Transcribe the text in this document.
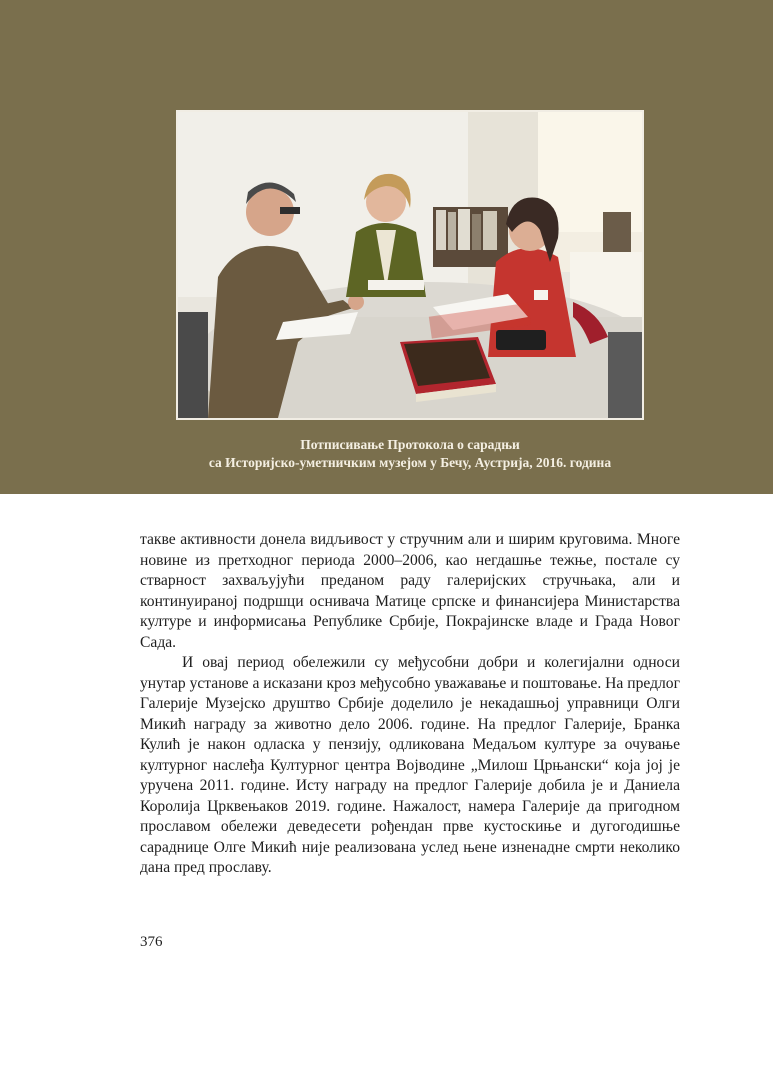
Потписивање Протокола о сарадњи
са Историјско-уметничким музејом у Бечу, Аустрија, 2016. година

такве активности донела видљивост у стручним али и ширим круговима. Многе новине из претходног периода 2000–2006, као негдашње тежње, постале су стварност захваљујући преданом раду галеријских стручњака, али и континуираној подршци оснивача Матице српске и финансијера Министарства културе и информисања Републике Србије, Покрајинске владе и Града Новог Сада.

И овај период обележили су међусобни добри и колегијални односи унутар установе а исказани кроз међусобно уважавање и поштовање. На предлог Галерије Музејско друштво Србије доделило је некадашњој управници Олги Микић награду за животно дело 2006. године. На предлог Галерије, Бранка Кулић је након одласка у пензију, одликована Медаљом културе за очување културног наслеђа Културног центра Војводине „Милош Црњански“ која јој је уручена 2011. године. Исту награду на предлог Галерије добила је и Даниела Королија Црквењаков 2019. године. Нажалост, намера Галерије да пригодном прославом обележи деведесети рођендан прве кустоскиње и дугогодишње сараднице Олге Микић није реализована услед њене изненадне смрти неколико дана пред прославу.

376
